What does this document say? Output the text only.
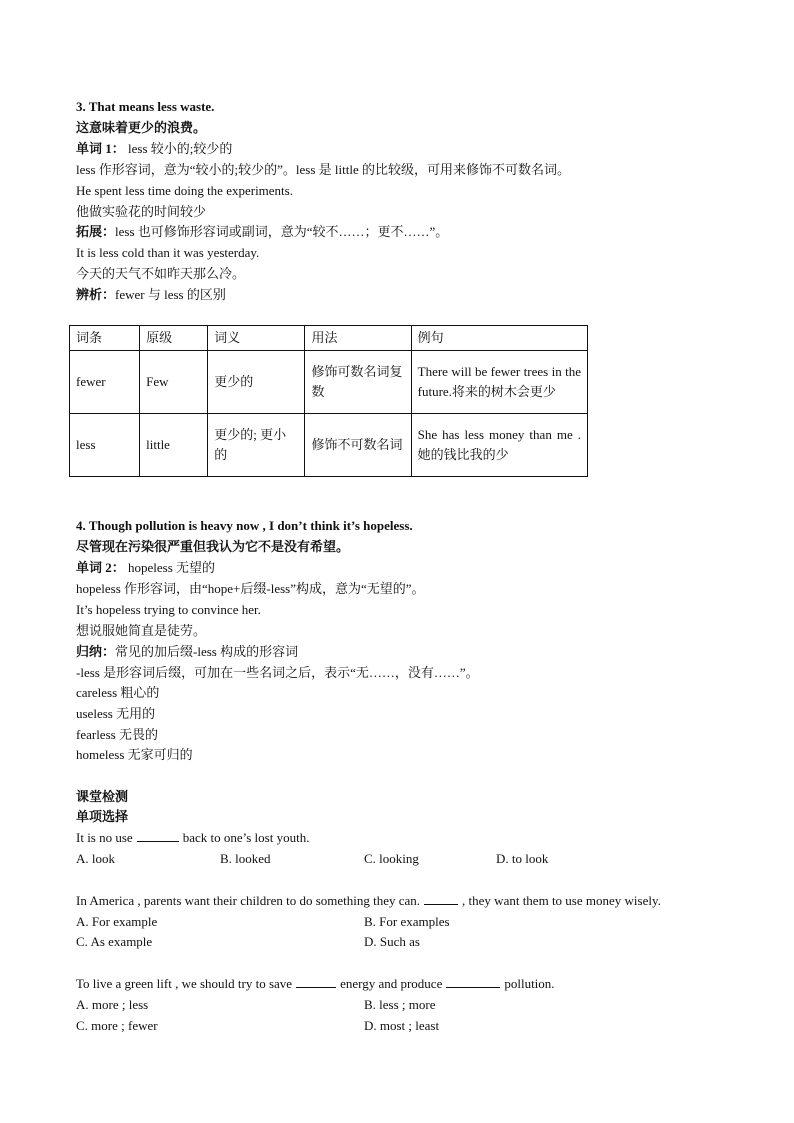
3. That means less waste.
这意味着更少的浪费。
单词 1： less 较小的;较少的
less 作形容词，意为“较小的;较少的”。less 是 little 的比较级，可用来修饰不可数名词。
He spent less time doing the experiments.
他做实验花的时间较少
拓展：less 也可修饰形容词或副词，意为“较不……；更不……”。
It is less cold than it was yesterday.
今天的天气不如昨天那么冷。
辨析：fewer 与 less 的区别
词条	原级	词义	用法	例句
fewer	Few	更少的	修饰可数名词复数	There will be fewer trees in the future.将来的树木会更少
less	little	更少的; 更小的	修饰不可数名词	She has less money than me .她的钱比我的少
4. Though pollution is heavy now , I don’t think it’s hopeless.
尽管现在污染很严重但我认为它不是没有希望。
单词 2： hopeless 无望的
hopeless 作形容词，由“hope+后缀-less”构成，意为“无望的”。
It’s hopeless trying to convince her.
想说服她简直是徒劳。
归纳：常见的加后缀-less 构成的形容词
-less 是形容词后缀，可加在一些名词之后，表示“无……，没有……”。
careless 粗心的
useless 无用的
fearless 无畏的
homeless 无家可归的
课堂检测
单项选择
It is no use	back to one’s lost youth.
A. look	B. looked	C. looking	D. to look
In America , parents want their children to do something they can.	, they want them to use money wisely.
A. For example	B. For examples
C. As example	D. Such as
To live a green lift , we should try to save	energy and produce	pollution.
A. more ; less	B. less ; more
C. more ; fewer	D. most ; least
